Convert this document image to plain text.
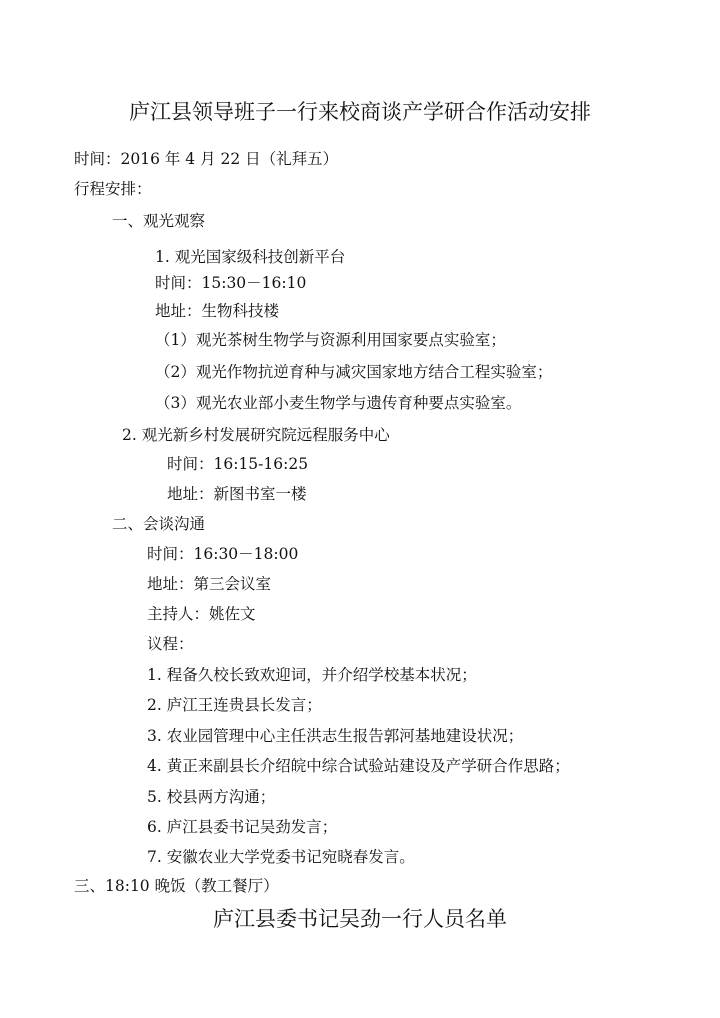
庐江县领导班子一行来校商谈产学研合作活动安排
时间：2016 年 4 月 22 日（礼拜五）
行程安排：
一、观光观察
1. 观光国家级科技创新平台
时间：15:30－16:10
地址：生物科技楼
（1）观光茶树生物学与资源利用国家要点实验室；
（2）观光作物抗逆育种与减灾国家地方结合工程实验室；
（3）观光农业部小麦生物学与遗传育种要点实验室。
2. 观光新乡村发展研究院远程服务中心
时间：16:15-16:25
地址：新图书室一楼
二、会谈沟通
时间：16:30－18:00
地址：第三会议室
主持人：姚佐文
议程：
1. 程备久校长致欢迎词，并介绍学校基本状况；
2. 庐江王连贵县长发言；
3. 农业园管理中心主任洪志生报告郭河基地建设状况；
4. 黄正来副县长介绍皖中综合试验站建设及产学研合作思路；
5. 校县两方沟通；
6. 庐江县委书记吴劲发言；
7. 安徽农业大学党委书记宛晓春发言。
三、18:10 晚饭（教工餐厅）
庐江县委书记吴劲一行人员名单
